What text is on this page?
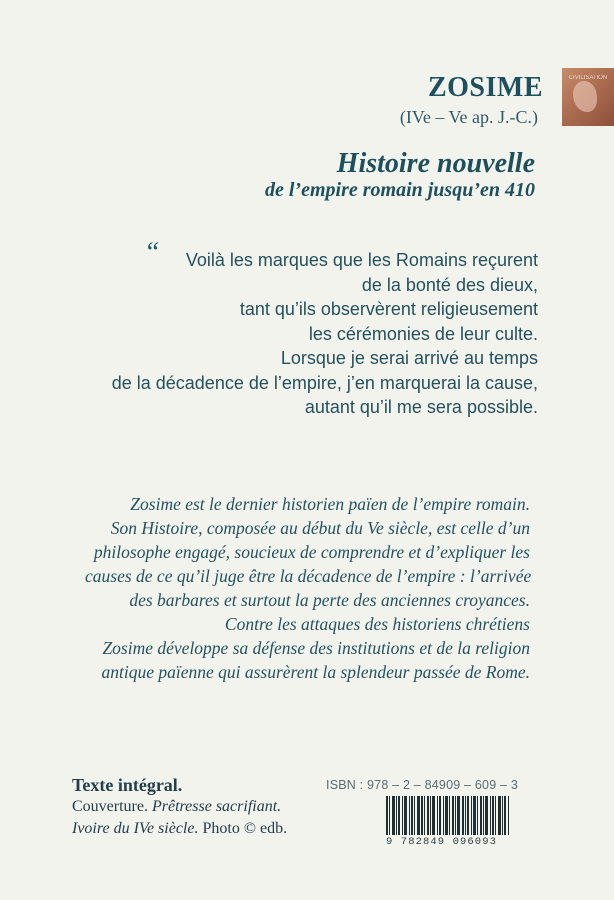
CIVILISATION
ZOSIME
(IVe – Ve ap. J.-C.)
Histoire nouvelle
de l’empire romain jusqu’en 410
“	Voilà les marques que les Romains reçurent
de la bonté des dieux,
tant qu’ils observèrent religieusement
les cérémonies de leur culte.
Lorsque je serai arrivé au temps
de la décadence de l’empire, j’en marquerai la cause,
autant qu’il me sera possible.
Zosime est le dernier historien païen de l’empire romain.
Son Histoire, composée au début du Ve siècle, est celle d’un
philosophe engagé, soucieux de comprendre et d’expliquer les
causes de ce qu’il juge être la décadence de l’empire : l’arrivée
des barbares et surtout la perte des anciennes croyances.
Contre les attaques des historiens chrétiens
Zosime développe sa défense des institutions et de la religion
antique païenne qui assurèrent la splendeur passée de Rome.
Texte intégral.
Couverture. Prêtresse sacrifiant.
Ivoire du IVe siècle. Photo © edb.
ISBN : 978 – 2 – 84909 – 609 – 3
9 782849 096093
